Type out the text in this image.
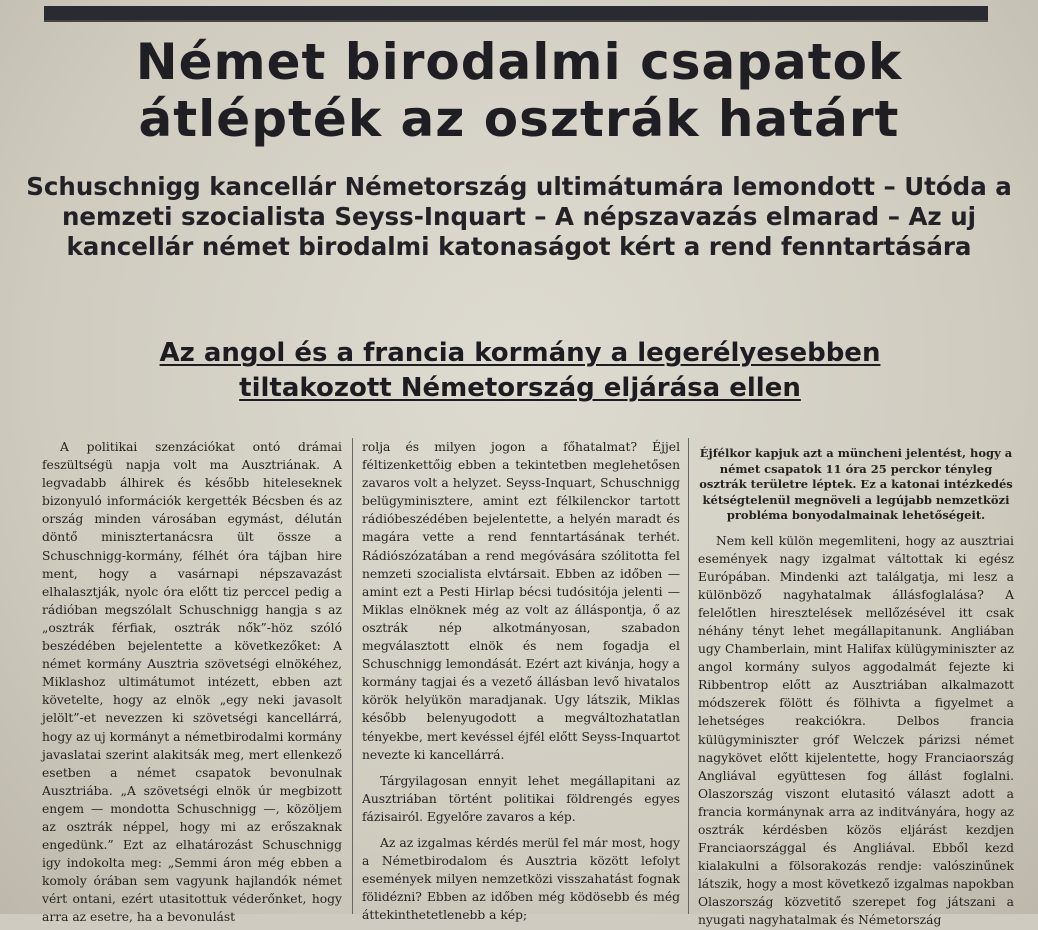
Német birodalmi csapatok átlépték az osztrák határt
Schuschnigg kancellár Németország ultimátumára lemondott – Utóda a nemzeti szocialista Seyss-Inquart – A népszavazás elmarad – Az uj kancellár német birodalmi katonaságot kért a rend fenntartására
Az angol és a francia kormány a legerélyesebben tiltakozott Németország eljárása ellen

A politikai szenzációkat ontó drámai feszültségü napja volt ma Ausztriának. A legvadabb álhirek és később hiteleseknek bizonyuló információk kergették Bécsben és az ország minden városában egymást, délután döntő minisztertanácsra ült össze a Schuschnigg-kormány, félhét óra tájban hire ment, hogy a vasárnapi népszavazást elhalasztják, nyolc óra előtt tiz perccel pedig a rádióban megszólalt Schuschnigg hangja s az „osztrák férfiak, osztrák nők”-höz szóló beszédében bejelentette a következőket: A német kormány Ausztria szövetségi elnökéhez, Miklashoz ultimátumot intézett, ebben azt követelte, hogy az elnök „egy neki javasolt jelölt”-et nevezzen ki szövetségi kancellárrá, hogy az uj kormányt a németbirodalmi kormány javaslatai szerint alakitsák meg, mert ellenkező esetben a német csapatok bevonulnak Ausztriába. „A szövetségi elnök úr megbizott engem — mondotta Schuschnigg —, közöljem az osztrák néppel, hogy mi az erőszaknak engedünk.” Ezt az elhatározást Schuschnigg igy indokolta meg: „Semmi áron még ebben a komoly órában sem vagyunk hajlandók német vért ontani, ezért utasitottuk véderőnket, hogy arra az esetre, ha a bevonulást

rolja és milyen jogon a főhatalmat? Éjjel féltizenkettőig ebben a tekintetben meglehetősen zavaros volt a helyzet. Seyss-Inquart, Schuschnigg belügyminisztere, amint ezt félkilenckor tartott rádióbeszédében bejelentette, a helyén maradt és magára vette a rend fenntartásának terhét. Rádiószózatában a rend megóvására szólitotta fel nemzeti szocialista elvtársait. Ebben az időben — amint ezt a Pesti Hirlap bécsi tudósitója jelenti — Miklas elnöknek még az volt az álláspontja, ő az osztrák nép alkotmányosan, szabadon megválasztott elnök és nem fogadja el Schuschnigg lemondását. Ezért azt kivánja, hogy a kormány tagjai és a vezető állásban levő hivatalos körök helyükön maradjanak. Ugy látszik, Miklas később belenyugodott a megváltozhatatlan tényekbe, mert kevéssel éjfél előtt Seyss-Inquartot nevezte ki kancellárrá.

Tárgyilagosan ennyit lehet megállapitani az Ausztriában történt politikai földrengés egyes fázisairól. Egyelőre zavaros a kép.

Az az izgalmas kérdés merül fel már most, hogy a Németbirodalom és Ausztria között lefolyt események milyen nemzetközi visszahatást fognak fölidézni? Ebben az időben még ködösebb és még áttekinthetetlenebb a kép;

Éjfélkor kapjuk azt a müncheni jelentést, hogy a német csapatok 11 óra 25 perckor tényleg osztrák területre léptek. Ez a katonai intézkedés kétségtelenül megnöveli a legújabb nemzetközi probléma bonyodalmainak lehetőségeit.

Nem kell külön megemliteni, hogy az ausztriai események nagy izgalmat váltottak ki egész Európában. Mindenki azt találgatja, mi lesz a különböző nagyhatalmak állásfoglalása? A felelőtlen hiresztelések mellőzésével itt csak néhány tényt lehet megállapitanunk. Angliában ugy Chamberlain, mint Halifax külügyminiszter az angol kormány sulyos aggodalmát fejezte ki Ribbentrop előtt az Ausztriában alkalmazott módszerek fölött és fölhivta a figyelmet a lehetséges reakciókra. Delbos francia külügyminiszter gróf Welczek párizsi német nagykövet előtt kijelentette, hogy Franciaország Angliával együttesen fog állást foglalni. Olaszország viszont elutasitó választ adott a francia kormánynak arra az inditványára, hogy az osztrák kérdésben közös eljárást kezdjen Franciaországgal és Angliával. Ebből kezd kialakulni a fölsorakozás rendje: valószinűnek látszik, hogy a most következő izgalmas napokban Olaszország közvetitő szerepet fog játszani a nyugati nagyhatalmak és Németország
